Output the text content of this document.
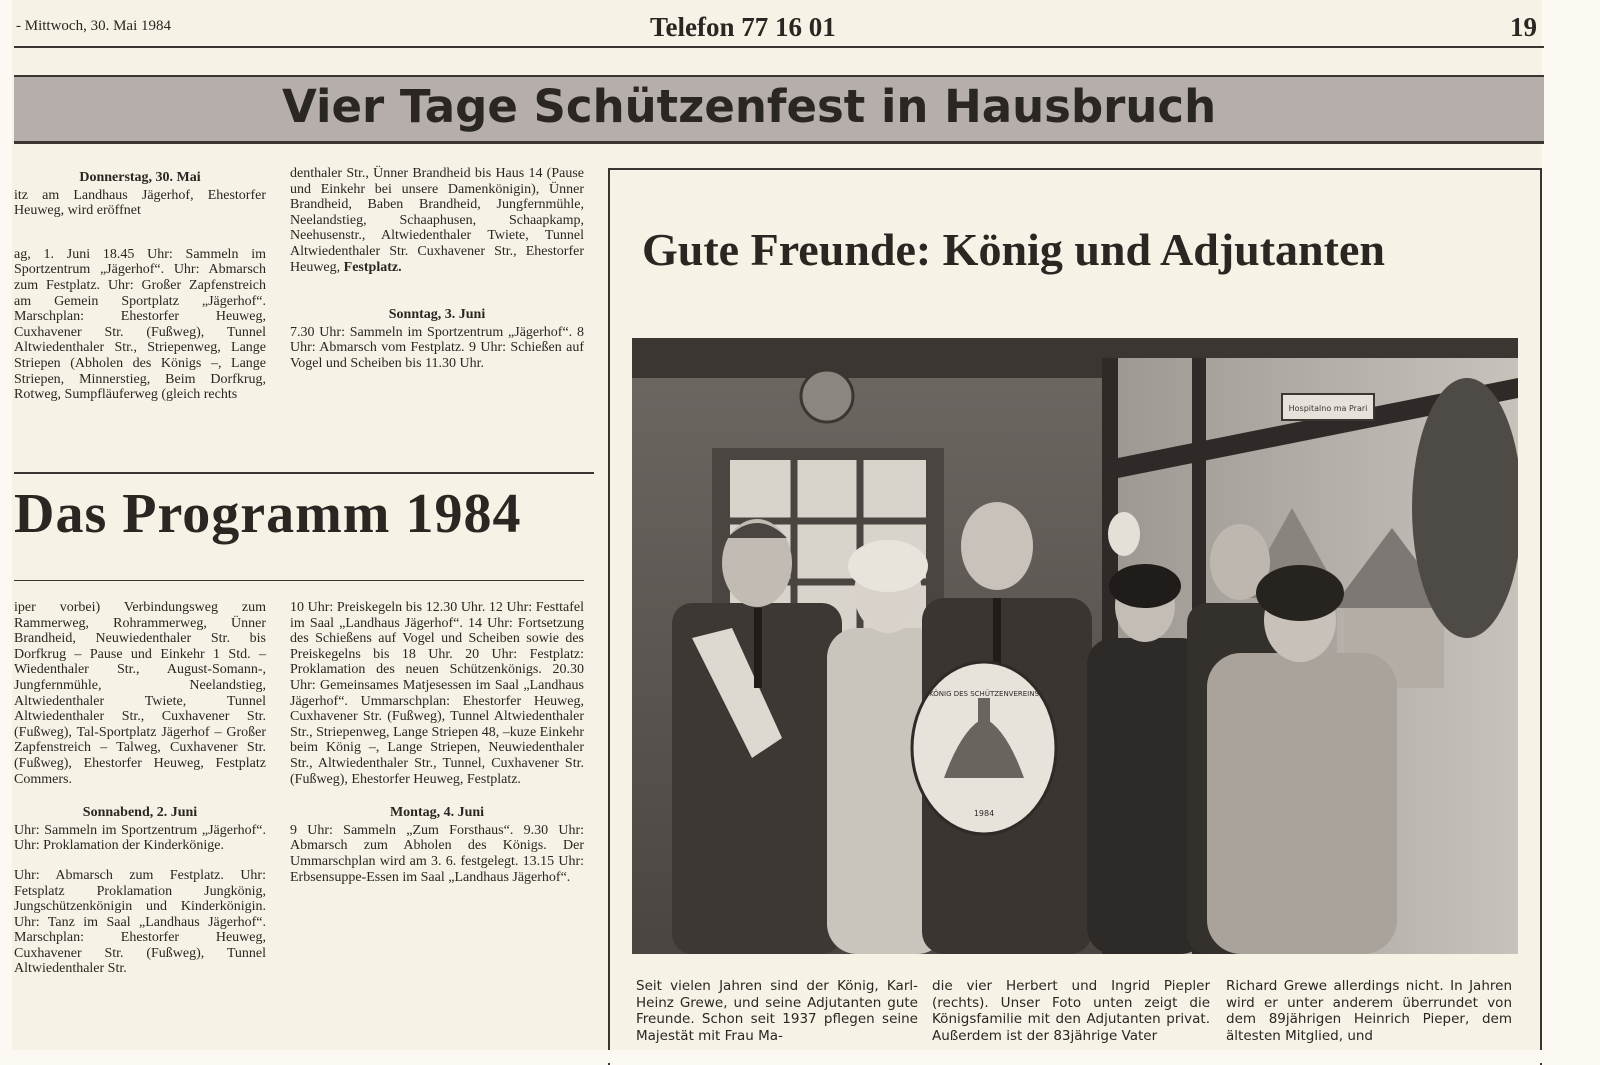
- Mittwoch, 30. Mai 1984	Telefon 77 16 01	19
Vier Tage Schützenfest in Hausbruch

Donnerstag, 30. Mai

itz am Landhaus Jägerhof, Ehestorfer Heuweg, wird eröffnet

ag, 1. Juni 18.45 Uhr: Sammeln im Sportzentrum „Jägerhof“. Uhr: Abmarsch zum Festplatz. Uhr: Großer Zapfenstreich am Gemein Sportplatz „Jägerhof“. Marschplan: Ehestorfer Heuweg, Cuxhavener Str. (Fußweg), Tunnel Altwiedenthaler Str., Striepenweg, Lange Striepen (Abholen des Königs –, Lange Striepen, Minnerstieg, Beim Dorfkrug, Rotweg, Sumpfläuferweg (gleich rechts

denthaler Str., Ünner Brandheid bis Haus 14 (Pause und Einkehr bei unsere Damenkönigin), Ünner Brandheid, Baben Brandheid, Jungfernmühle, Neelandstieg, Schaaphusen, Schaapkamp, Neehusenstr., Altwiedenthaler Twiete, Tunnel Altwiedenthaler Str. Cuxhavener Str., Ehestorfer Heuweg, Festplatz.

Sonntag, 3. Juni

7.30 Uhr: Sammeln im Sportzentrum „Jägerhof“. 8 Uhr: Abmarsch vom Festplatz. 9 Uhr: Schießen auf Vogel und Scheiben bis 11.30 Uhr.

Das Programm 1984

iper vorbei) Verbindungsweg zum Rammerweg, Rohrammerweg, Ünner Brandheid, Neuwiedenthaler Str. bis Dorfkrug – Pause und Einkehr 1 Std. – Wiedenthaler Str., August-Somann-, Jungfernmühle, Neelandstieg, Altwiedenthaler Twiete, Tunnel Altwiedenthaler Str., Cuxhavener Str. (Fußweg), Tal-Sportplatz Jägerhof – Großer Zapfenstreich – Talweg, Cuxhavener Str. (Fußweg), Ehestorfer Heuweg, Festplatz Commers.

Sonnabend, 2. Juni

Uhr: Sammeln im Sportzentrum „Jägerhof“. Uhr: Proklamation der Kinderkönige.

Uhr: Abmarsch zum Festplatz. Uhr: Fetsplatz Proklamation Jungkönig, Jungschützenkönigin und Kinderkönigin. Uhr: Tanz im Saal „Landhaus Jägerhof“. Marschplan: Ehestorfer Heuweg, Cuxhavener Str. (Fußweg), Tunnel Altwiedenthaler Str.

10 Uhr: Preiskegeln bis 12.30 Uhr. 12 Uhr: Festtafel im Saal „Landhaus Jägerhof“. 14 Uhr: Fortsetzung des Schießens auf Vogel und Scheiben sowie des Preiskegelns bis 18 Uhr. 20 Uhr: Festplatz: Proklamation des neuen Schützenkönigs. 20.30 Uhr: Gemeinsames Matjesessen im Saal „Landhaus Jägerhof“. Ummarschplan: Ehestorfer Heuweg, Cuxhavener Str. (Fußweg), Tunnel Altwiedenthaler Str., Striepenweg, Lange Striepen 48, –kuze Einkehr beim König –, Lange Striepen, Neuwiedenthaler Str., Altwiedenthaler Str., Tunnel, Cuxhavener Str. (Fußweg), Ehestorfer Heuweg, Festplatz.

Montag, 4. Juni

9 Uhr: Sammeln „Zum Forsthaus“. 9.30 Uhr: Abmarsch zum Abholen des Königs. Der Ummarschplan wird am 3. 6. festgelegt. 13.15 Uhr: Erbsensuppe-Essen im Saal „Landhaus Jägerhof“.

Gute Freunde: König und Adjutanten
Hospitalno ma Prari
KÖNIG DES SCHÜTZENVEREINS
1984
Seit vielen Jahren sind der König, Karl-Heinz Grewe, und seine Adjutanten gute Freunde. Schon seit 1937 pflegen seine Majestät mit Frau Ma-
die vier Herbert und Ingrid Piepler (rechts). Unser Foto unten zeigt die Königsfamilie mit den Adjutanten privat. Außerdem ist der 83jährige Vater
Richard Grewe allerdings nicht. In Jahren wird er unter anderem überrundet von dem 89jährigen Heinrich Pieper, dem ältesten Mitglied, und
